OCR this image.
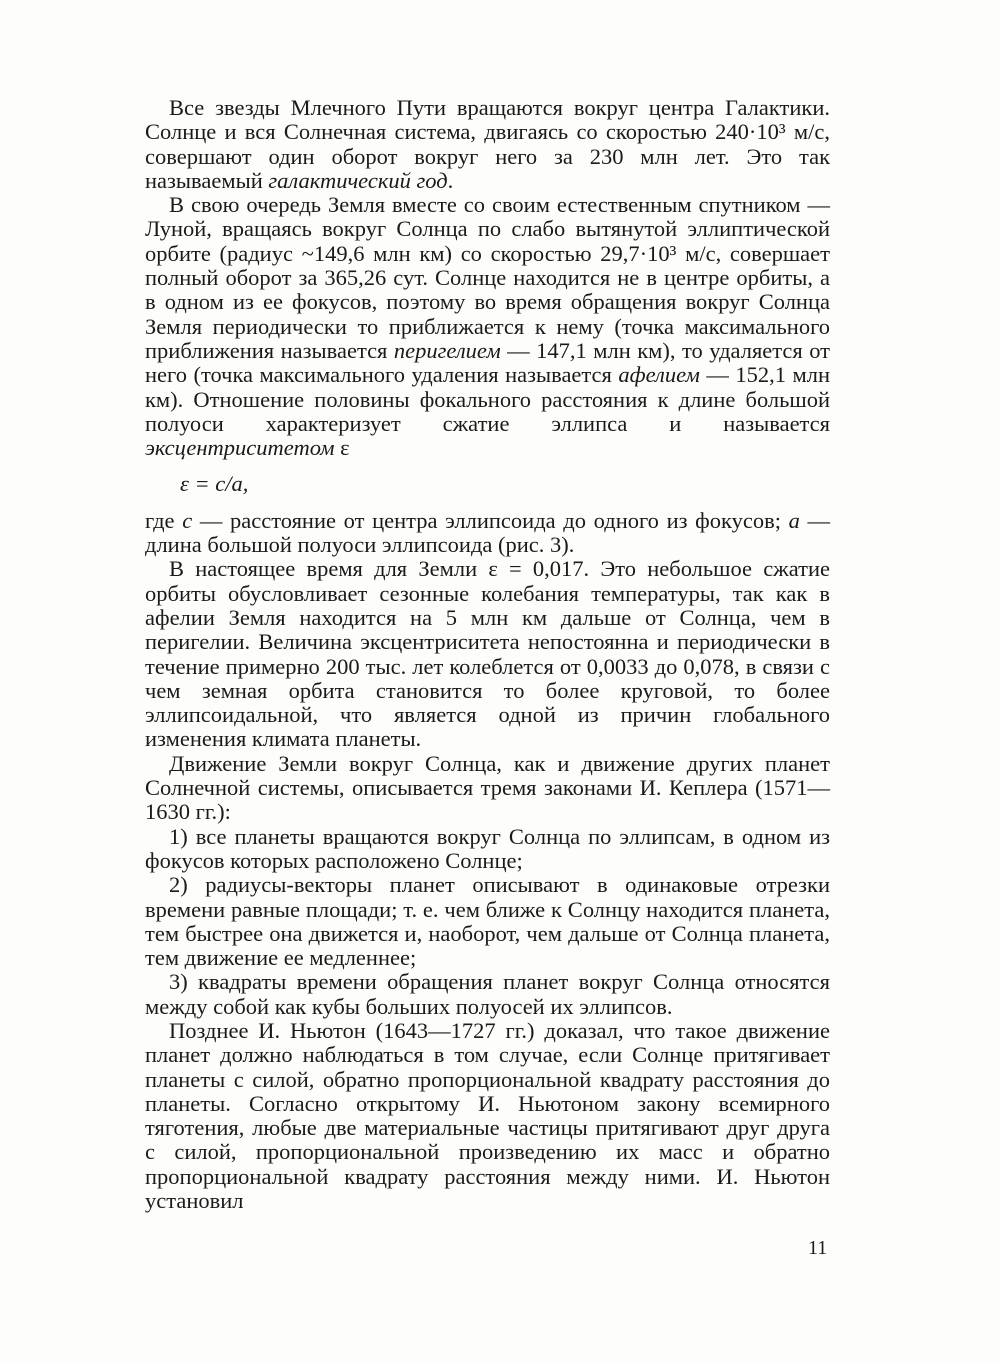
Все звезды Млечного Пути вращаются вокруг центра Галактики. Солнце и вся Солнечная система, двигаясь со скоростью 240·10³ м/с, совершают один оборот вокруг него за 230 млн лет. Это так называемый галактический год.

В свою очередь Земля вместе со своим естественным спутником — Луной, вращаясь вокруг Солнца по слабо вытянутой эллиптической орбите (радиус ~149,6 млн км) со скоростью 29,7·10³ м/с, совершает полный оборот за 365,26 сут. Солнце находится не в центре орбиты, а в одном из ее фокусов, поэтому во время обращения вокруг Солнца Земля периодически то приближается к нему (точка максимального приближения называется перигелием — 147,1 млн км), то удаляется от него (точка максимального удаления называется афелием — 152,1 млн км). Отношение половины фокального расстояния к длине большой полуоси характеризует сжатие эллипса и называется эксцентриситетом ε

ε = c/a,

где c — расстояние от центра эллипсоида до одного из фокусов; a — длина большой полуоси эллипсоида (рис. 3).

В настоящее время для Земли ε = 0,017. Это небольшое сжатие орбиты обусловливает сезонные колебания температуры, так как в афелии Земля находится на 5 млн км дальше от Солнца, чем в перигелии. Величина эксцентриситета непостоянна и периодически в течение примерно 200 тыс. лет колеблется от 0,0033 до 0,078, в связи с чем земная орбита становится то более круговой, то более эллипсоидальной, что является одной из причин глобального изменения климата планеты.

Движение Земли вокруг Солнца, как и движение других планет Солнечной системы, описывается тремя законами И. Кеплера (1571—1630 гг.):

1) все планеты вращаются вокруг Солнца по эллипсам, в одном из фокусов которых расположено Солнце;

2) радиусы-векторы планет описывают в одинаковые отрезки времени равные площади; т. е. чем ближе к Солнцу находится планета, тем быстрее она движется и, наоборот, чем дальше от Солнца планета, тем движение ее медленнее;

3) квадраты времени обращения планет вокруг Солнца относятся между собой как кубы больших полуосей их эллипсов.

Позднее И. Ньютон (1643—1727 гг.) доказал, что такое движение планет должно наблюдаться в том случае, если Солнце притягивает планеты с силой, обратно пропорциональной квадрату расстояния до планеты. Согласно открытому И. Ньютоном закону всемирного тяготения, любые две материальные частицы притягивают друг друга с силой, пропорциональной произведению их масс и обратно пропорциональной квадрату расстояния между ними. И. Ньютон установил

11
